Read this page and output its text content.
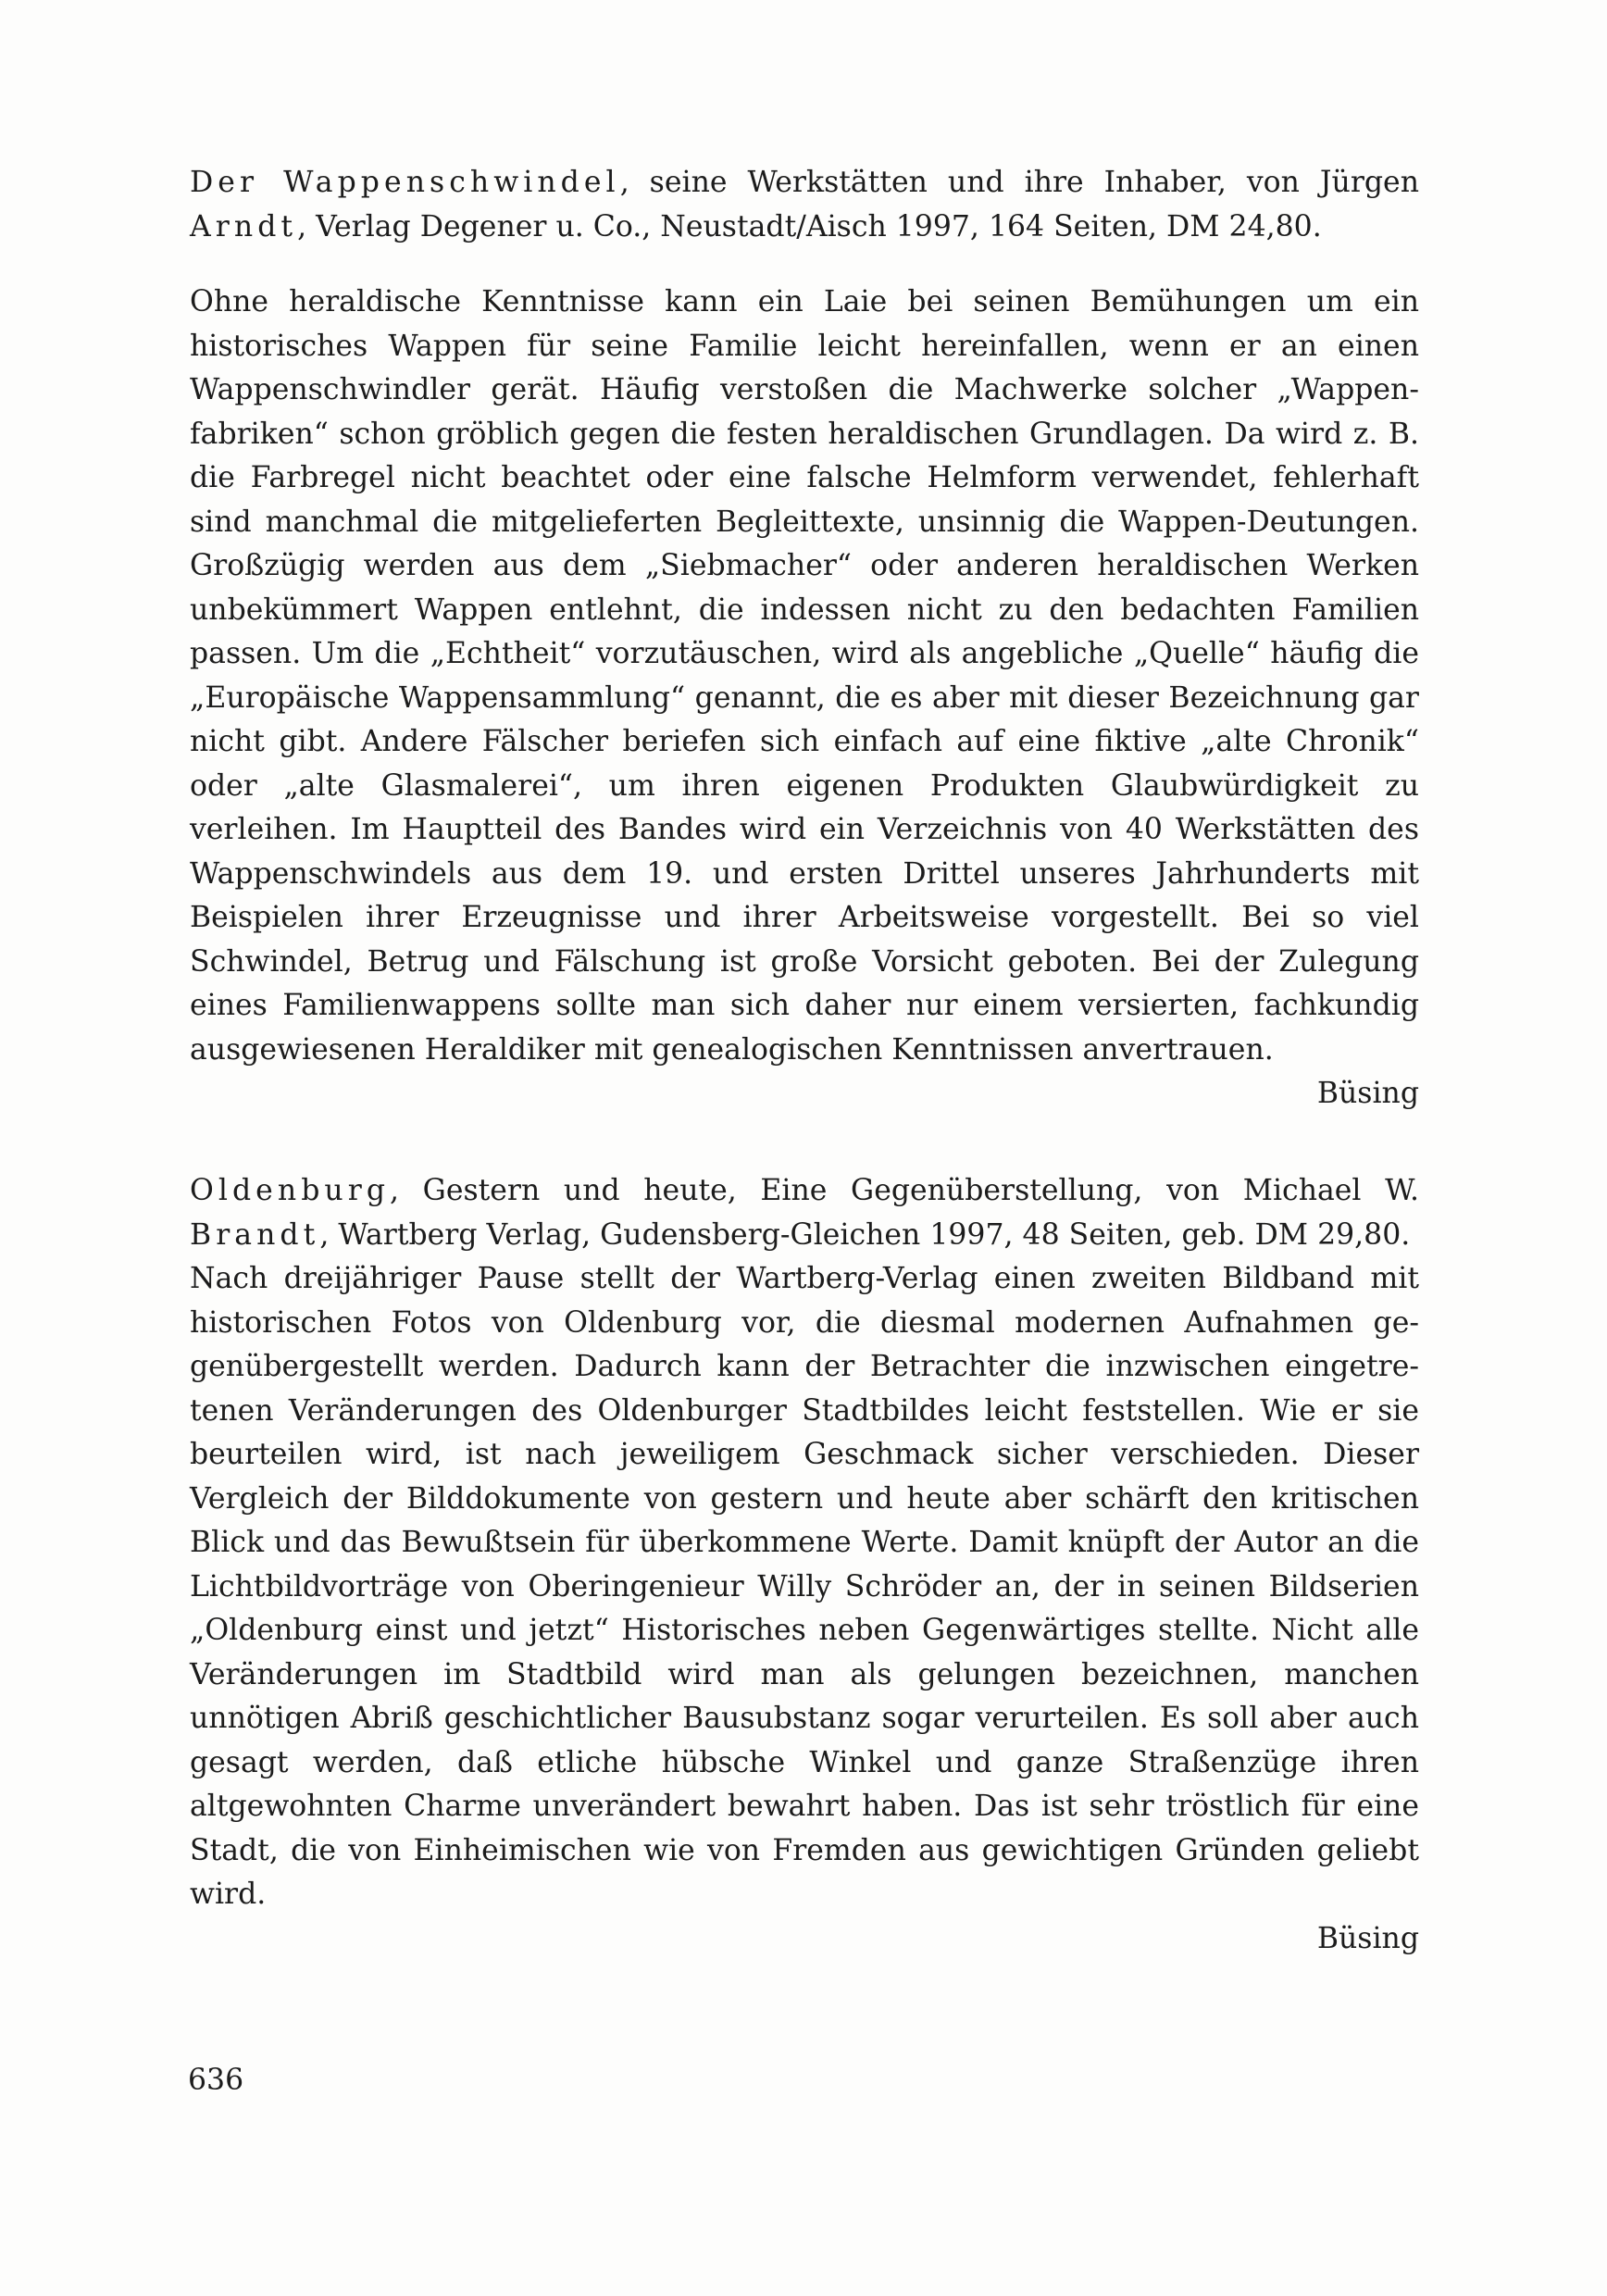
Der Wappenschwindel, seine Werkstätten und ihre Inhaber, von Jürgen Arndt, Verlag Degener u. Co., Neustadt/Aisch 1997, 164 Seiten, DM 24,80.

Ohne heraldische Kenntnisse kann ein Laie bei seinen Bemühungen um ein historisches Wappen für seine Familie leicht hereinfallen, wenn er an einen Wappenschwindler gerät. Häufig verstoßen die Machwerke solcher „Wappenfabriken“ schon gröblich gegen die festen heraldischen Grundlagen. Da wird z. B. die Farbregel nicht beachtet oder eine falsche Helmform verwendet, fehlerhaft sind manchmal die mitgelieferten Begleittexte, unsinnig die Wappen-Deutungen. Großzügig werden aus dem „Siebmacher“ oder anderen heraldischen Werken unbekümmert Wappen entlehnt, die indessen nicht zu den bedachten Familien passen. Um die „Echtheit“ vorzutäuschen, wird als angebliche „Quelle“ häufig die „Europäische Wappensammlung“ genannt, die es aber mit dieser Bezeichnung gar nicht gibt. Andere Fälscher beriefen sich einfach auf eine fiktive „alte Chronik“ oder „alte Glasmalerei“, um ihren eigenen Produkten Glaubwürdigkeit zu verleihen. Im Hauptteil des Bandes wird ein Verzeichnis von 40 Werkstätten des Wappenschwindels aus dem 19. und ersten Drittel unseres Jahrhunderts mit Beispielen ihrer Erzeugnisse und ihrer Arbeitsweise vorgestellt. Bei so viel Schwindel, Betrug und Fälschung ist große Vorsicht geboten. Bei der Zulegung eines Familienwappens sollte man sich daher nur einem versierten, fachkundig ausgewiesenen Heraldiker mit genealogischen Kenntnissen anvertrauen.

Büsing

Oldenburg, Gestern und heute, Eine Gegenüberstellung, von Michael W. Brandt, Wartberg Verlag, Gudensberg-Gleichen 1997, 48 Seiten, geb. DM 29,80.

Nach dreijähriger Pause stellt der Wartberg-Verlag einen zweiten Bildband mit historischen Fotos von Oldenburg vor, die diesmal modernen Aufnahmen gegenübergestellt werden. Dadurch kann der Betrachter die inzwischen eingetretenen Veränderungen des Oldenburger Stadtbildes leicht feststellen. Wie er sie beurteilen wird, ist nach jeweiligem Geschmack sicher verschieden. Dieser Vergleich der Bilddokumente von gestern und heute aber schärft den kritischen Blick und das Bewußtsein für überkommene Werte. Damit knüpft der Autor an die Lichtbildvorträge von Oberingenieur Willy Schröder an, der in seinen Bildserien „Oldenburg einst und jetzt“ Historisches neben Gegenwärtiges stellte. Nicht alle Veränderungen im Stadtbild wird man als gelungen bezeichnen, manchen unnötigen Abriß geschichtlicher Bausubstanz sogar verurteilen. Es soll aber auch gesagt werden, daß etliche hübsche Winkel und ganze Straßenzüge ihren altgewohnten Charme unverändert bewahrt haben. Das ist sehr tröstlich für eine Stadt, die von Einheimischen wie von Fremden aus gewichtigen Gründen geliebt wird.

Büsing

636
